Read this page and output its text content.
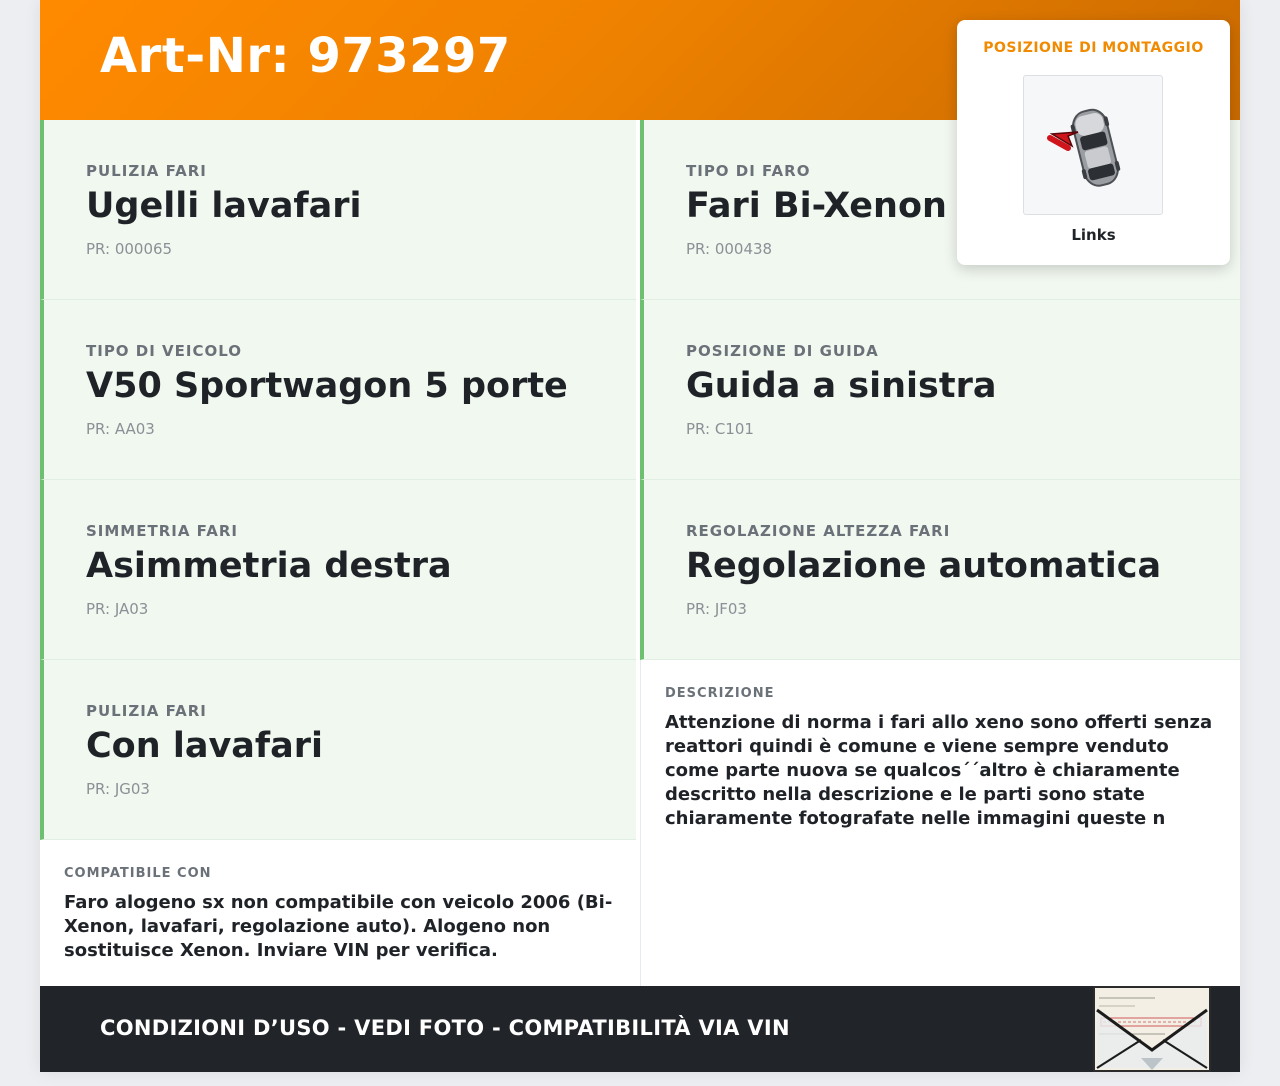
Art-Nr: 973297
PULIZIA FARI
Ugelli lavafari
PR: 000065
TIPO DI FARO
Fari Bi-Xenon
PR: 000438
TIPO DI VEICOLO
V50 Sportwagon 5 porte
PR: AA03
POSIZIONE DI GUIDA
Guida a sinistra
PR: C101
SIMMETRIA FARI
Asimmetria destra
PR: JA03
REGOLAZIONE ALTEZZA FARI
Regolazione automatica
PR: JF03
PULIZIA FARI
Con lavafari
PR: JG03
DESCRIZIONE
Attenzione di norma i fari allo xeno sono offerti senza reattori quindi è comune e viene sempre venduto come parte nuova se qualcos´´altro è chiaramente descritto nella descrizione e le parti sono state chiaramente fotografate nelle immagini queste n
COMPATIBILE CON
Faro alogeno sx non compatibile con veicolo 2006 (Bi-Xenon, lavafari, regolazione auto). Alogeno non sostituisce Xenon. Inviare VIN per verifica.
POSIZIONE DI MONTAGGIO
Links
CONDIZIONI D’USO - VEDI FOTO - COMPATIBILITÀ VIA VIN
